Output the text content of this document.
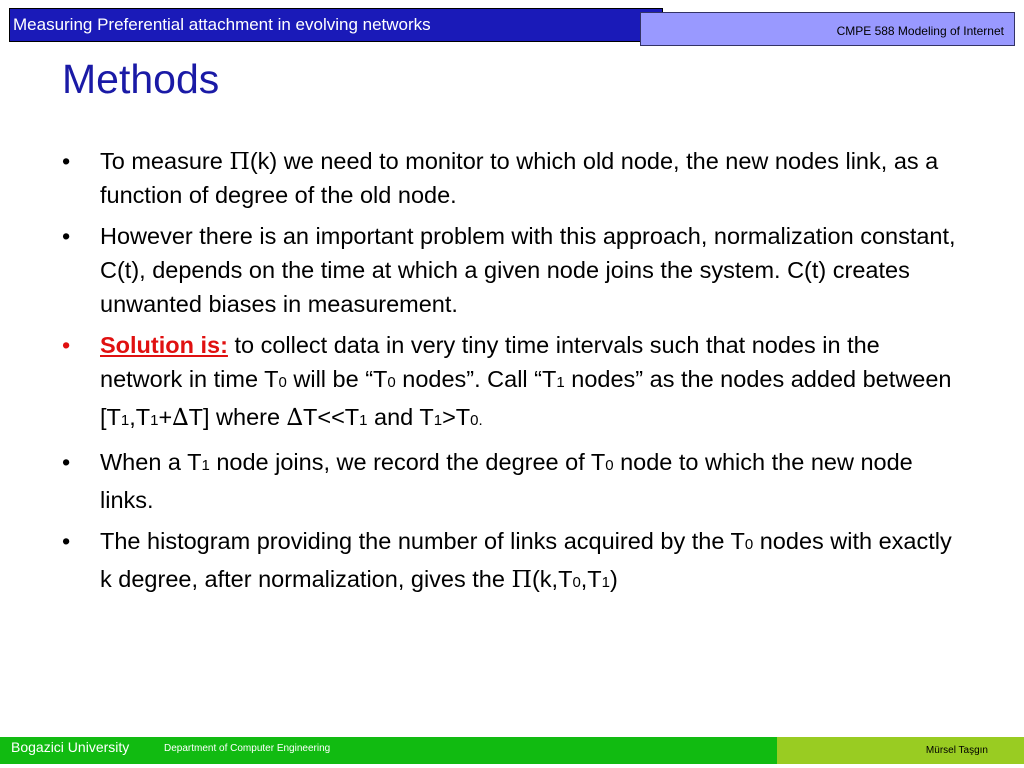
Measuring Preferential attachment in evolving networks	CMPE 588 Modeling of Internet
Methods
• To measure Π(k) we need to monitor to which old node, the new nodes link, as a function of degree of the old node.
• However there is an important problem with this approach, normalization constant, C(t), depends on the time at which a given node joins the system. C(t) creates unwanted biases in measurement.
• Solution is: to collect data in very tiny time intervals such that nodes in the network in time T0 will be “T0 nodes”. Call “T1 nodes” as the nodes added between [T1,T1+∆T] where ∆T<<T1 and T1>T0.
• When a T1 node joins, we record the degree of T0 node to which the new node links.
• The histogram providing the number of links acquired by the T0 nodes with exactly k degree, after normalization, gives the Π(k,T0,T1)
Bogazici University	Department of Computer Engineering	Mürsel Taşgın
